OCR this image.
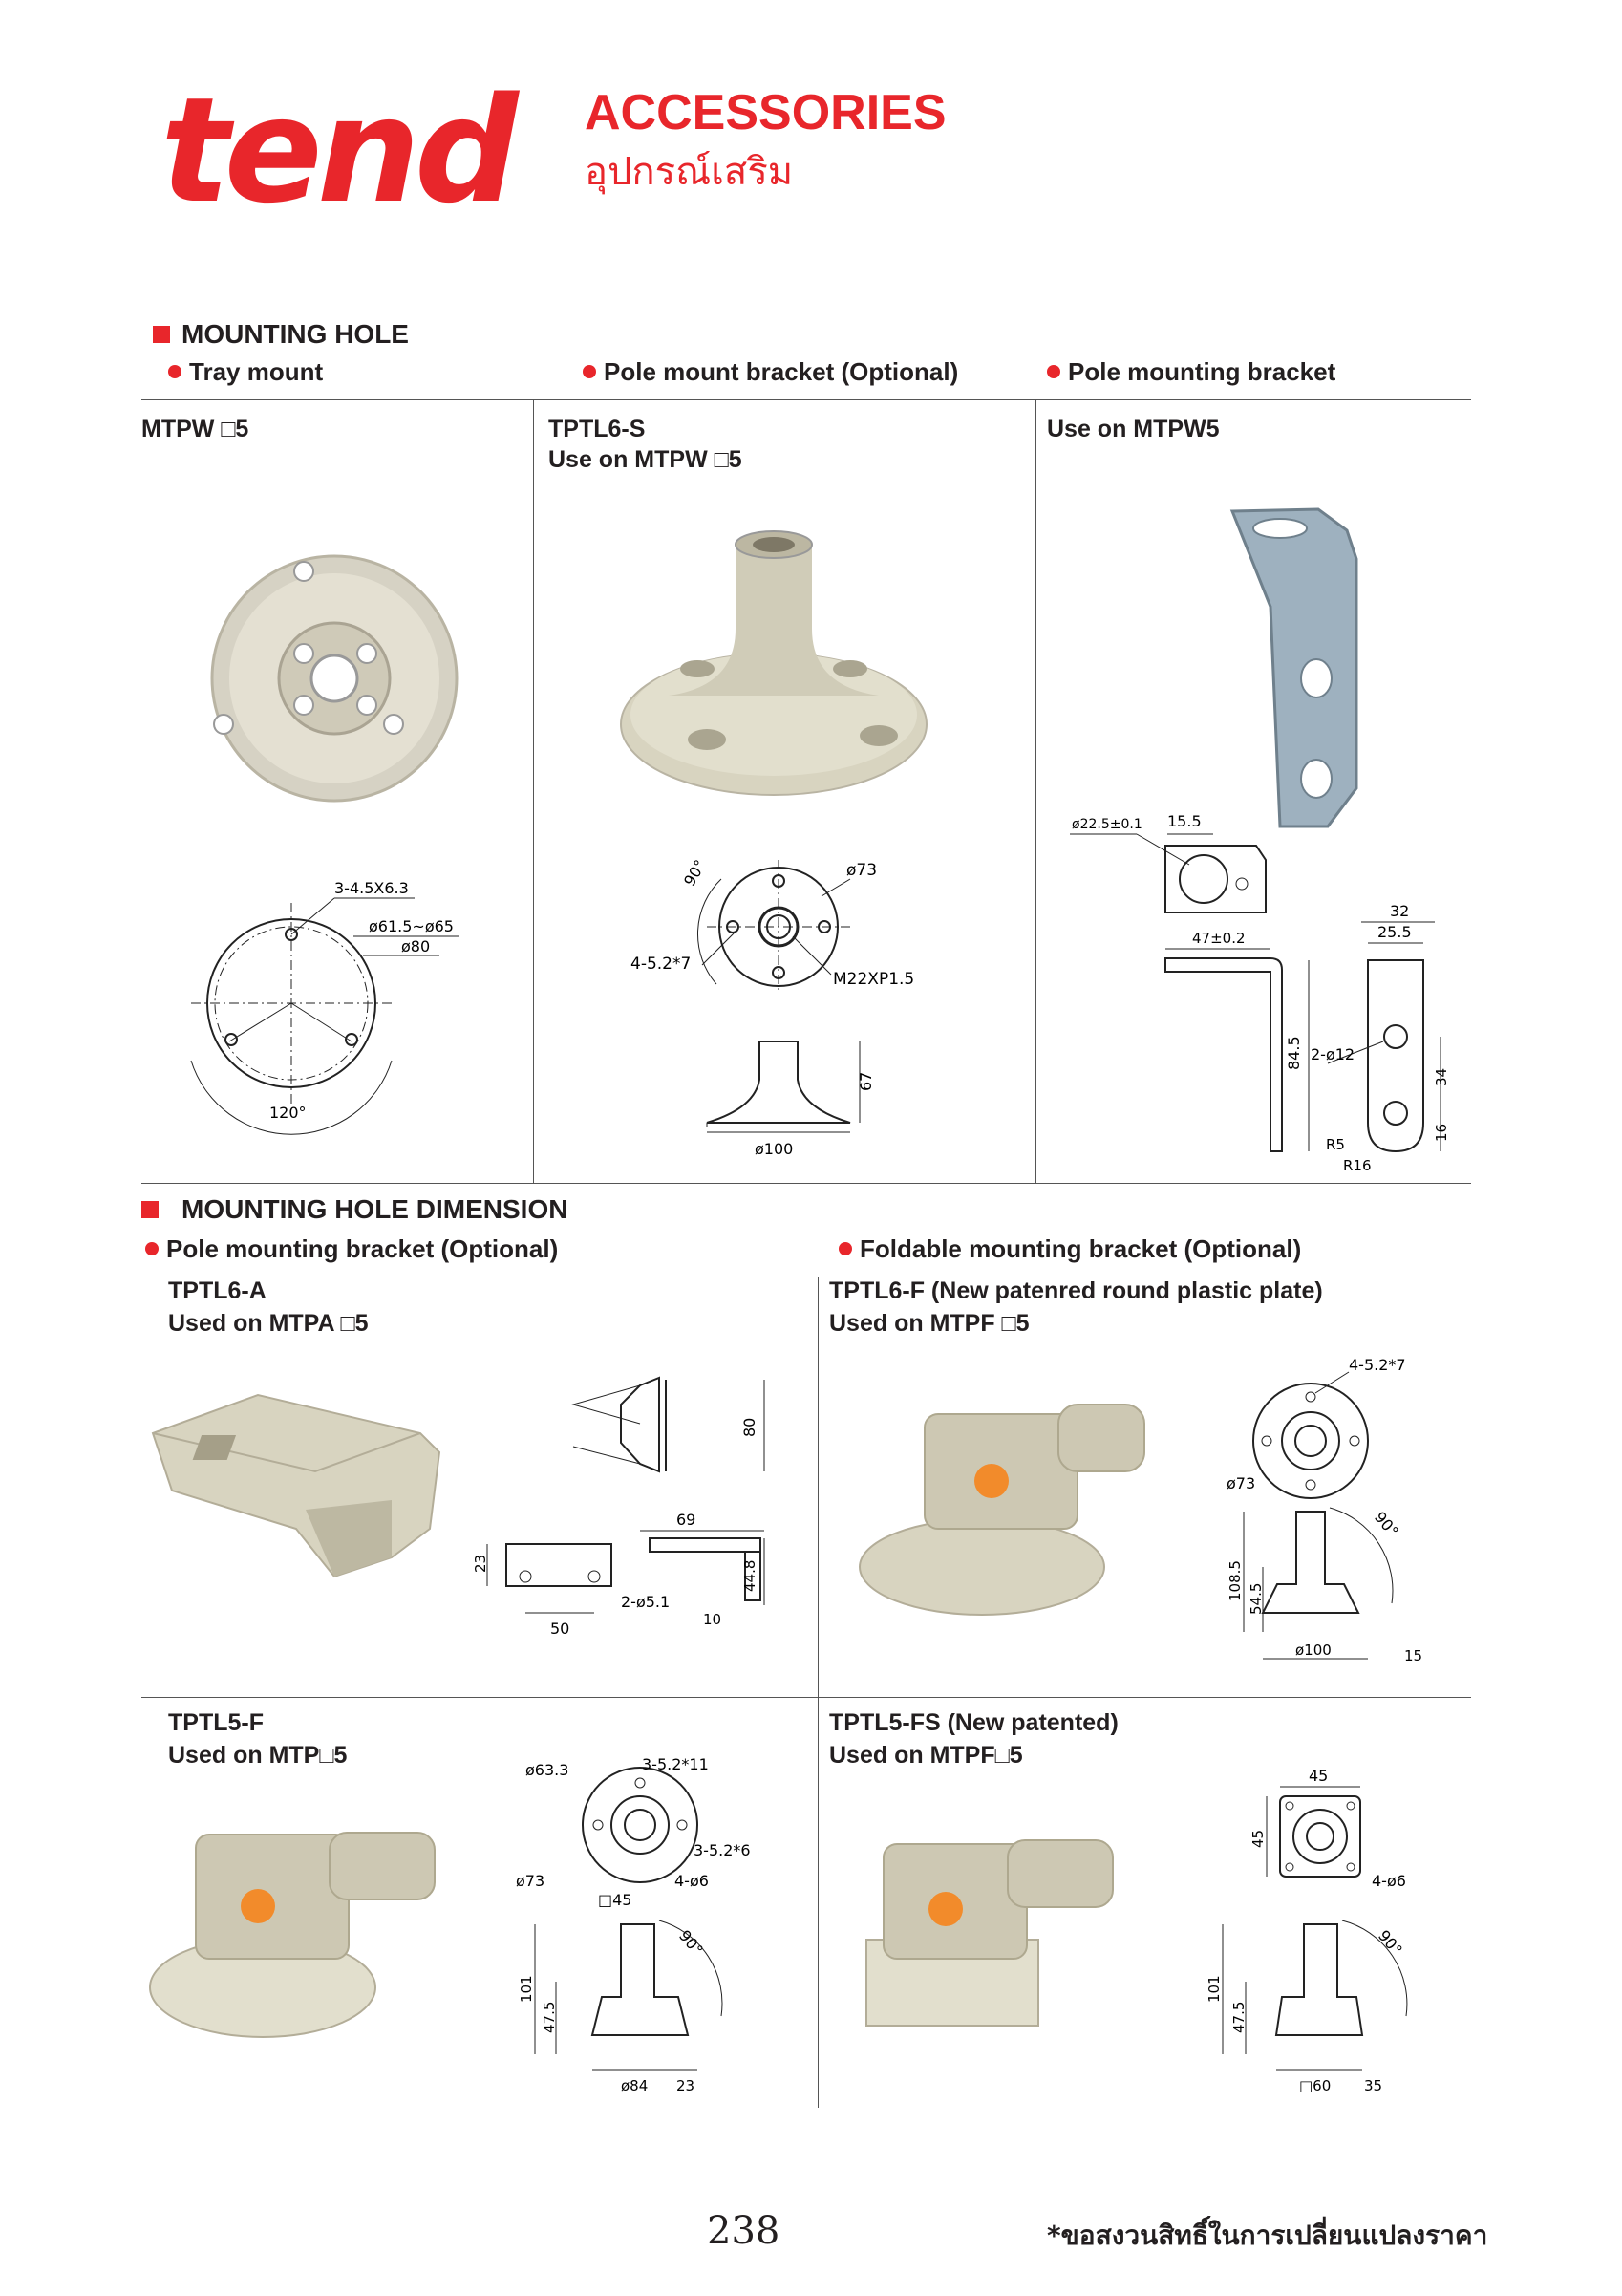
tend ACCESSORIES
อุปกรณ์เสริม
MOUNTING HOLE
Tray mount	Pole mount bracket (Optional)	Pole mounting bracket
MTPW □5
3-4.5X6.3
ø61.5~ø65
ø80
120°
TPTL6-S
Use on MTPW □5
90°	ø73
4-5.2*7
M22XP1.5
ø100
67
Use on MTPW5
ø22.5±0.1 15.5
47±0.2
84.5
32
25.5
2-ø12
34
16
R5
R16
MOUNTING HOLE DIMENSION
Pole mounting bracket (Optional)	Foldable mounting bracket (Optional)
TPTL6-A
Used on MTPA □5
80
69
44.8
10
23
2-ø5.1
50
TPTL6-F (New patenred round plastic plate)
Used on MTPF □5
4-5.2*7
ø73
90°
108.5 54.5
ø100	15
TPTL5-F
Used on MTP□5
ø63.3	3-5.2*11
3-5.2*6
ø73	4-ø6
□45
90°
101
47.5
ø84 23
TPTL5-FS (New patented)
Used on MTPF□5
45
45
4-ø6
90°
101
47.5
□60 35
238	*ขอสงวนสิทธิ์ในการเปลี่ยนแปลงราคา
